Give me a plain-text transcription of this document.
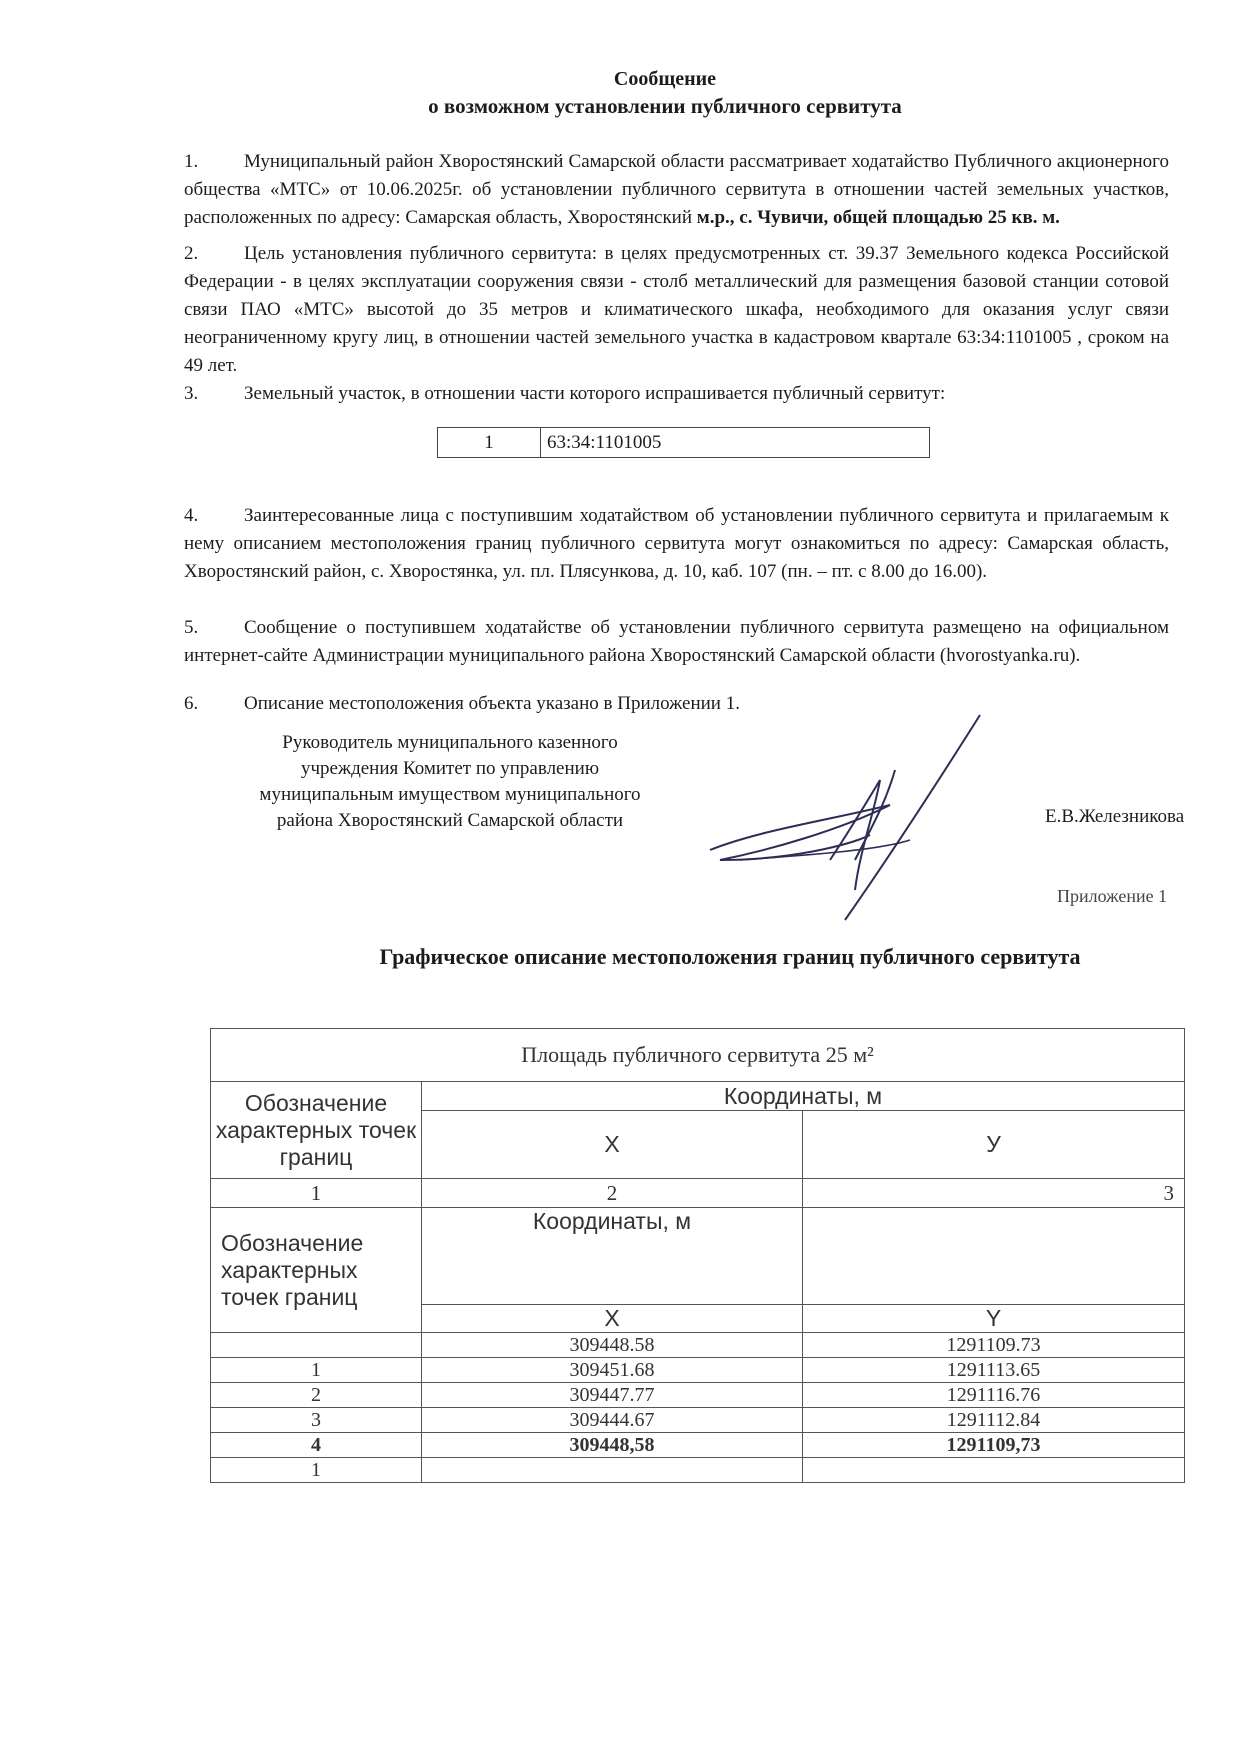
Сообщение
о возможном установлении публичного сервитута
1. Муниципальный район Хворостянский Самарской области рассматривает ходатайство Публичного акционерного общества «МТС» от 10.06.2025г. об установлении публичного сервитута в отношении частей земельных участков, расположенных по адресу: Самарская область, Хворостянский м.р., с. Чувичи, общей площадью 25 кв. м.
2. Цель установления публичного сервитута: в целях предусмотренных ст. 39.37 Земельного кодекса Российской Федерации - в целях эксплуатации сооружения связи - столб металлический для размещения базовой станции сотовой связи ПАО «МТС» высотой до 35 метров и климатического шкафа, необходимого для оказания услуг связи неограниченному кругу лиц, в отношении частей земельного участка в кадастровом квартале 63:34:1101005 , сроком на 49 лет.
3. Земельный участок, в отношении части которого испрашивается публичный сервитут:
1	63:34:1101005
4. Заинтересованные лица с поступившим ходатайством об установлении публичного сервитута и прилагаемым к нему описанием местоположения границ публичного сервитута могут ознакомиться по адресу: Самарская область, Хворостянский район, с. Хворостянка, ул. пл. Плясункова, д. 10, каб. 107 (пн. – пт. с 8.00 до 16.00).
5. Сообщение о поступившем ходатайстве об установлении публичного сервитута размещено на официальном интернет-сайте Администрации муниципального района Хворостянский Самарской области (hvorostyanka.ru).
6. Описание местоположения объекта указано в Приложении 1.
Руководитель муниципального казенного
учреждения Комитет по управлению
муниципальным имуществом муниципального
района Хворостянский Самарской области	Е.В.Железникова
Приложение 1
Графическое описание местоположения границ публичного сервитута
Площадь публичного сервитута 25 м²		
Обозначение характерных точек границ	Координаты, м	
	X	У
1	2	3
Обозначение характерных точек границ	Координаты, м	
	X	Y
	309448.58	1291109.73
1	309451.68	1291113.65
2	309447.77	1291116.76
3	309444.67	1291112.84
4	309448,58	1291109,73
1		
